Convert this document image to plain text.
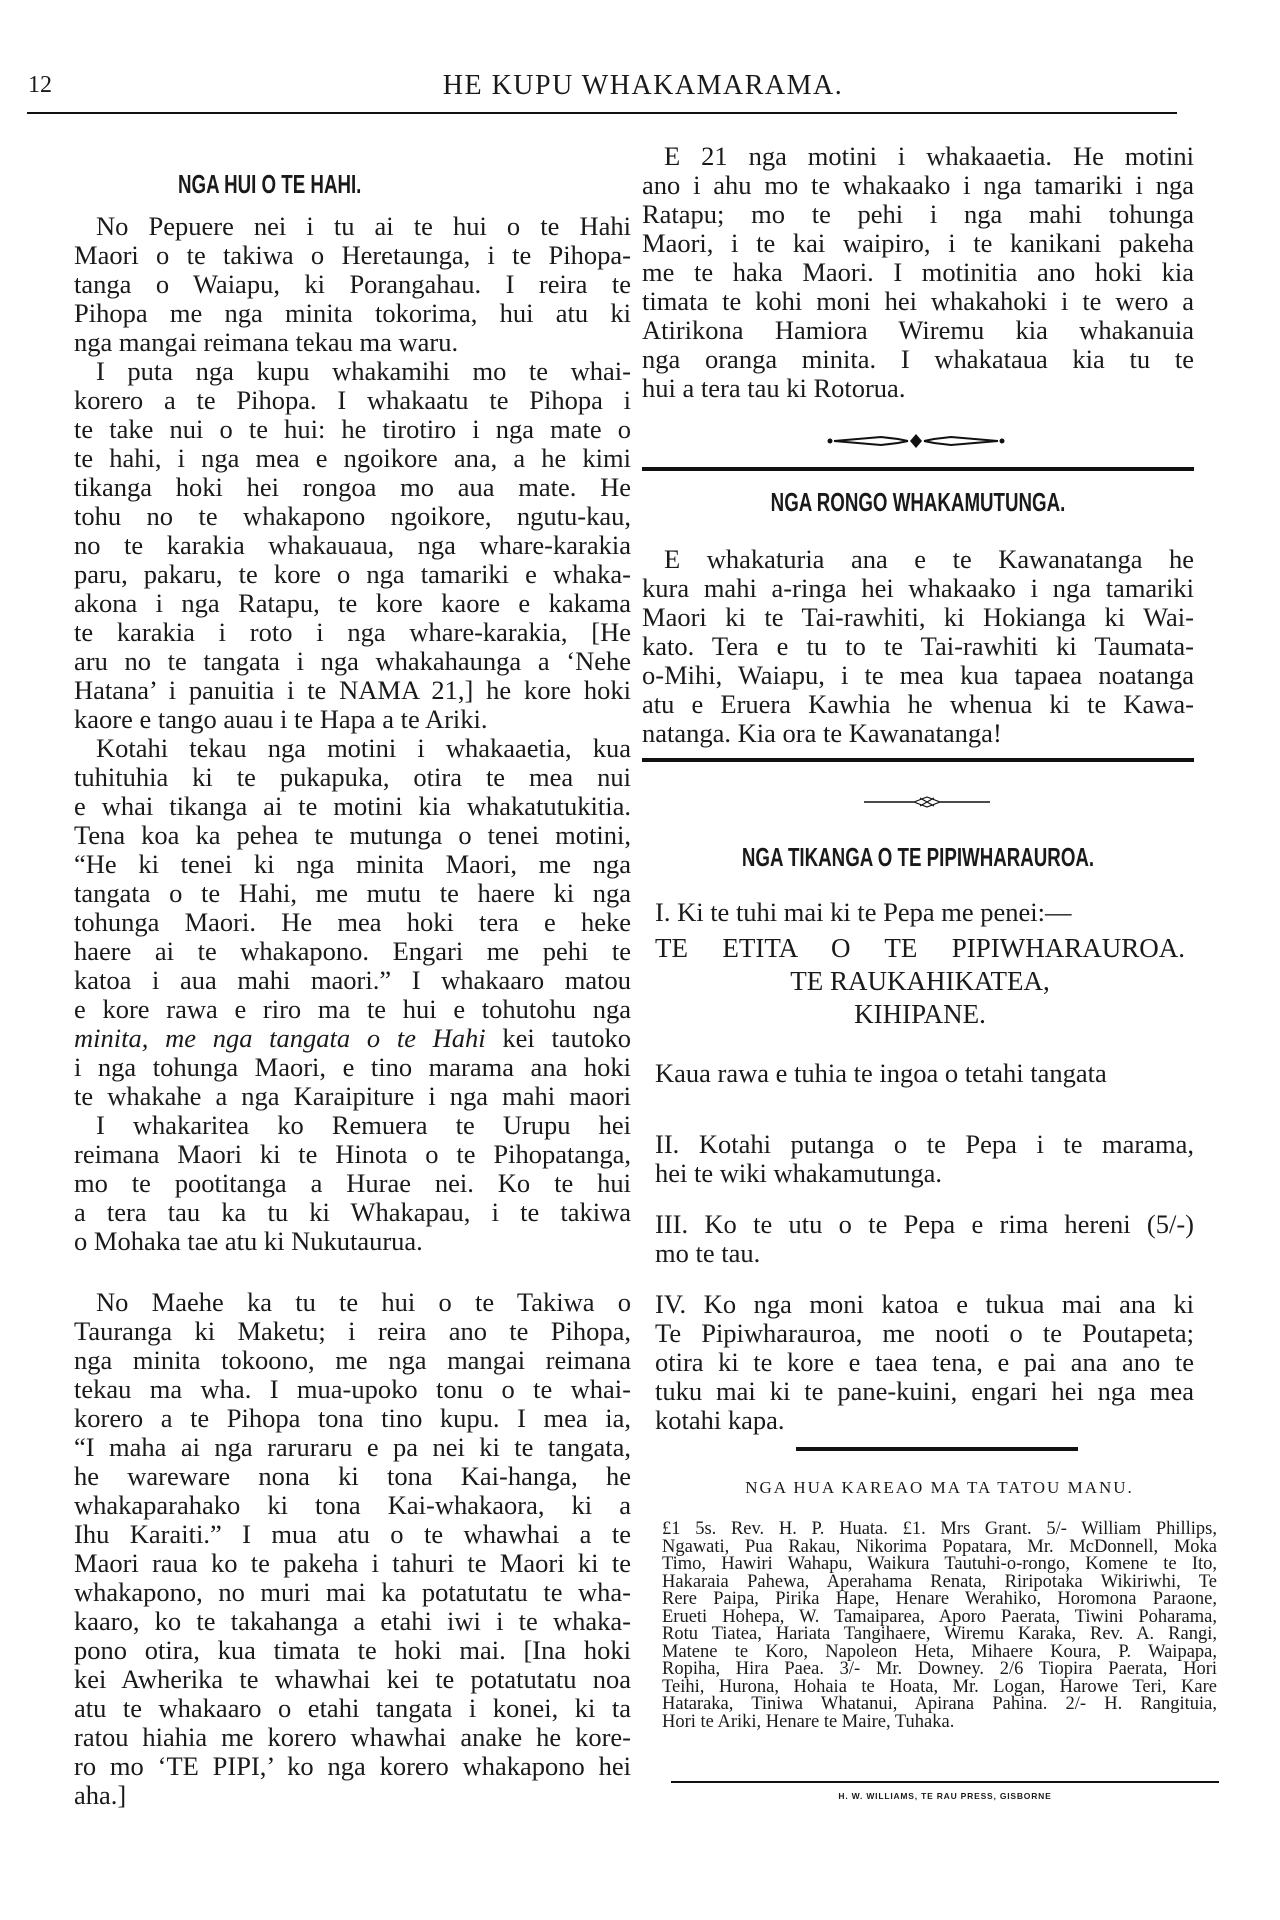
12	HE KUPU WHAKAMARAMA.
NGA HUI O TE HAHI.
No Pepuere nei i tu ai te hui o te Hahi
Maori o te takiwa o Heretaunga, i te Pihopa-
tanga o Waiapu, ki Porangahau. I reira te
Pihopa me nga minita tokorima, hui atu ki
nga mangai reimana tekau ma waru.
I puta nga kupu whakamihi mo te whai-
korero a te Pihopa. I whakaatu te Pihopa i
te take nui o te hui: he tirotiro i nga mate o
te hahi, i nga mea e ngoikore ana, a he kimi
tikanga hoki hei rongoa mo aua mate. He
tohu no te whakapono ngoikore, ngutu-kau,
no te karakia whakauaua, nga whare-karakia
paru, pakaru, te kore o nga tamariki e whaka-
akona i nga Ratapu, te kore kaore e kakama
te karakia i roto i nga whare-karakia, [He
aru no te tangata i nga whakahaunga a ‘Nehe
Hatana’ i panuitia i te NAMA 21,] he kore hoki
kaore e tango auau i te Hapa a te Ariki.
Kotahi tekau nga motini i whakaaetia, kua
tuhituhia ki te pukapuka, otira te mea nui
e whai tikanga ai te motini kia whakatutukitia.
Tena koa ka pehea te mutunga o tenei motini,
“He ki tenei ki nga minita Maori, me nga
tangata o te Hahi, me mutu te haere ki nga
tohunga Maori. He mea hoki tera e heke
haere ai te whakapono. Engari me pehi te
katoa i aua mahi maori.” I whakaaro matou
e kore rawa e riro ma te hui e tohutohu nga
minita, me nga tangata o te Hahi kei tautoko
i nga tohunga Maori, e tino marama ana hoki
te whakahe a nga Karaipiture i nga mahi maori
I whakaritea ko Remuera te Urupu hei
reimana Maori ki te Hinota o te Pihopatanga,
mo te pootitanga a Hurae nei. Ko te hui
a tera tau ka tu ki Whakapau, i te takiwa
o Mohaka tae atu ki Nukutaurua.
No Maehe ka tu te hui o te Takiwa o
Tauranga ki Maketu; i reira ano te Pihopa,
nga minita tokoono, me nga mangai reimana
tekau ma wha. I mua-upoko tonu o te whai-
korero a te Pihopa tona tino kupu. I mea ia,
“I maha ai nga raruraru e pa nei ki te tangata,
he wareware nona ki tona Kai-hanga, he
whakaparahako ki tona Kai-whakaora, ki a
Ihu Karaiti.” I mua atu o te whawhai a te
Maori raua ko te pakeha i tahuri te Maori ki te
whakapono, no muri mai ka potatutatu te wha-
kaaro, ko te takahanga a etahi iwi i te whaka-
pono otira, kua timata te hoki mai. [Ina hoki
kei Awherika te whawhai kei te potatutatu noa
atu te whakaaro o etahi tangata i konei, ki ta
ratou hiahia me korero whawhai anake he kore-
ro mo ‘TE PIPI,’ ko nga korero whakapono hei
aha.]
E 21 nga motini i whakaaetia. He motini
ano i ahu mo te whakaako i nga tamariki i nga
Ratapu; mo te pehi i nga mahi tohunga
Maori, i te kai waipiro, i te kanikani pakeha
me te haka Maori. I motinitia ano hoki kia
timata te kohi moni hei whakahoki i te wero a
Atirikona Hamiora Wiremu kia whakanuia
nga oranga minita. I whakataua kia tu te
hui a tera tau ki Rotorua.
NGA RONGO WHAKAMUTUNGA.
E whakaturia ana e te Kawanatanga he
kura mahi a-ringa hei whakaako i nga tamariki
Maori ki te Tai-rawhiti, ki Hokianga ki Wai-
kato. Tera e tu to te Tai-rawhiti ki Taumata-
o-Mihi, Waiapu, i te mea kua tapaea noatanga
atu e Eruera Kawhia he whenua ki te Kawa-
natanga. Kia ora te Kawanatanga!
NGA TIKANGA O TE PIPIWHARAUROA.
I. Ki te tuhi mai ki te Pepa me penei:—
TE ETITA O TE PIPIWHARAUROA.
TE RAUKAHIKATEA,
KIHIPANE.
Kaua rawa e tuhia te ingoa o tetahi tangata
II. Kotahi putanga o te Pepa i te marama,
hei te wiki whakamutunga.
III. Ko te utu o te Pepa e rima hereni (5/-)
mo te tau.
IV. Ko nga moni katoa e tukua mai ana ki
Te Pipiwharauroa, me nooti o te Poutapeta;
otira ki te kore e taea tena, e pai ana ano te
tuku mai ki te pane-kuini, engari hei nga mea
kotahi kapa.
NGA HUA KAREAO MA TA TATOU MANU.
£1 5s. Rev. H. P. Huata. £1. Mrs Grant. 5/- William Phillips,
Ngawati, Pua Rakau, Nikorima Popatara, Mr. McDonnell, Moka
Timo, Hawiri Wahapu, Waikura Tautuhi-o-rongo, Komene te Ito,
Hakaraia Pahewa, Aperahama Renata, Riripotaka Wikiriwhi, Te
Rere Paipa, Pirika Hape, Henare Werahiko, Horomona Paraone,
Erueti Hohepa, W. Tamaiparea, Aporo Paerata, Tiwini Poharama,
Rotu Tiatea, Hariata Tangihaere, Wiremu Karaka, Rev. A. Rangi,
Matene te Koro, Napoleon Heta, Mihaere Koura, P. Waipapa,
Ropiha, Hira Paea. 3/- Mr. Downey. 2/6 Tiopira Paerata, Hori
Teihi, Hurona, Hohaia te Hoata, Mr. Logan, Harowe Teri, Kare
Hataraka, Tiniwa Whatanui, Apirana Pahina. 2/- H. Rangituia,
Hori te Ariki, Henare te Maire, Tuhaka.
H. W. WILLIAMS, TE RAU PRESS, GISBORNE
